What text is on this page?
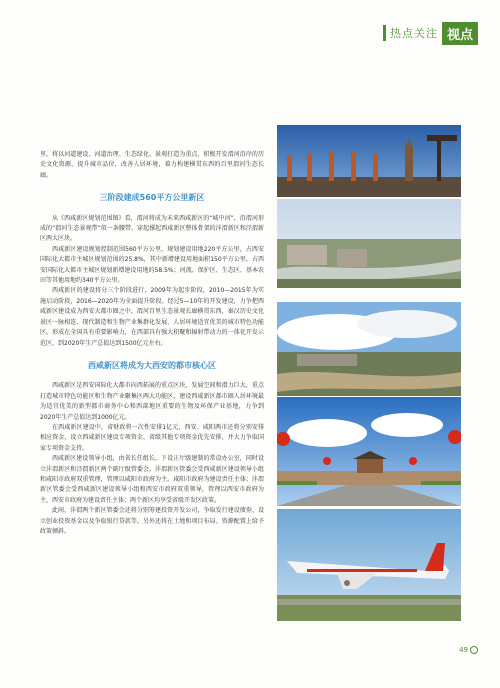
热点关注 视点

里，将以河道建设、河道治理、生态绿化、景观打造为重点，积极开发渭河沿岸的历史文化资源，提升城市品位，改善人居环境，着力构建横贯东西的百里渭河生态长廊。

三阶段建成560平方公里新区

从《西咸新区规划范围图》看，渭河将成为未来西咸新区的“城中河”，沿渭河形成的“渭河生态景观带”似一条腰带，穿起撑起西咸新区整体骨架的沣渭新区和泾渭新区两大区块。

西咸新区建设规划控制范围560平方公里，规划建设用地220平方公里，占西安国际化大都市主城区规划范围的25.8%，其中新增建设用地面积150平方公里，占西安国际化大都市主城区规划新增建设用地的58.5%；河流、保护区、生态区、基本农田等其他用地约340平方公里。

西咸新区的建设将分三个阶段进行，2009年为起步阶段，2010—2015年为实施启动阶段，2016—2020年为全面提升阶段。经过5—10年的开发建设，力争把西咸新区建设成为西安大都市圈之中，渭河百里生态景观长廊横贯东西，秦汉历史文化景区一脉相连、现代制造和生物产业集群化发展、人居环境适宜优美的城市特色功能区。形成在全国具有重要影响力，在西部具有强大积聚和辐射带动力的一体化开发示范区，到2020年生产总值达到1500亿元左右。

西咸新区将成为大西安的都市核心区

西咸新区是西安国际化大都市向西拓展的重点区块，发展空间和潜力巨大，重点打造城市特色功能区和生物产业聚集区两大功能区，建设西咸新区都市圈人居环境最为适宜优美的新型都市商务中心和西部地区重要的生物及环保产业基地，力争到2020年生产总值达到1000亿元。

在西咸新区建设中，省财政将一次性安排1亿元，西安、咸阳两市还将分别安排相应资金，设立西咸新区建设专项资金，省级其他专项资金优先安排，并大力争取国家专项资金支持。

西咸新区建设领导小组，由省长任组长，下设正厅级建制的常设办公室，同时设立沣渭新区和泾渭新区两个副厅级管委会。沣渭新区管委会受西咸新区建设领导小组和咸阳市政府双重管理，管理以咸阳市政府为主。咸阳市政府为建设责任主体；沣渭新区管委会受西咸新区建设领导小组和西安市政府双重领导，管理以西安市政府为主，西安市政府为建设责任主体；两个新区均享受省级开发区政策。

此间，沣渭两个新区管委会还将分别筹建投资开发公司，争取发行建设债券、设立创业投资基金以及争取银行贷款等。另外还将在土地和项目布局、资源配置上给予政策倾斜。

49
